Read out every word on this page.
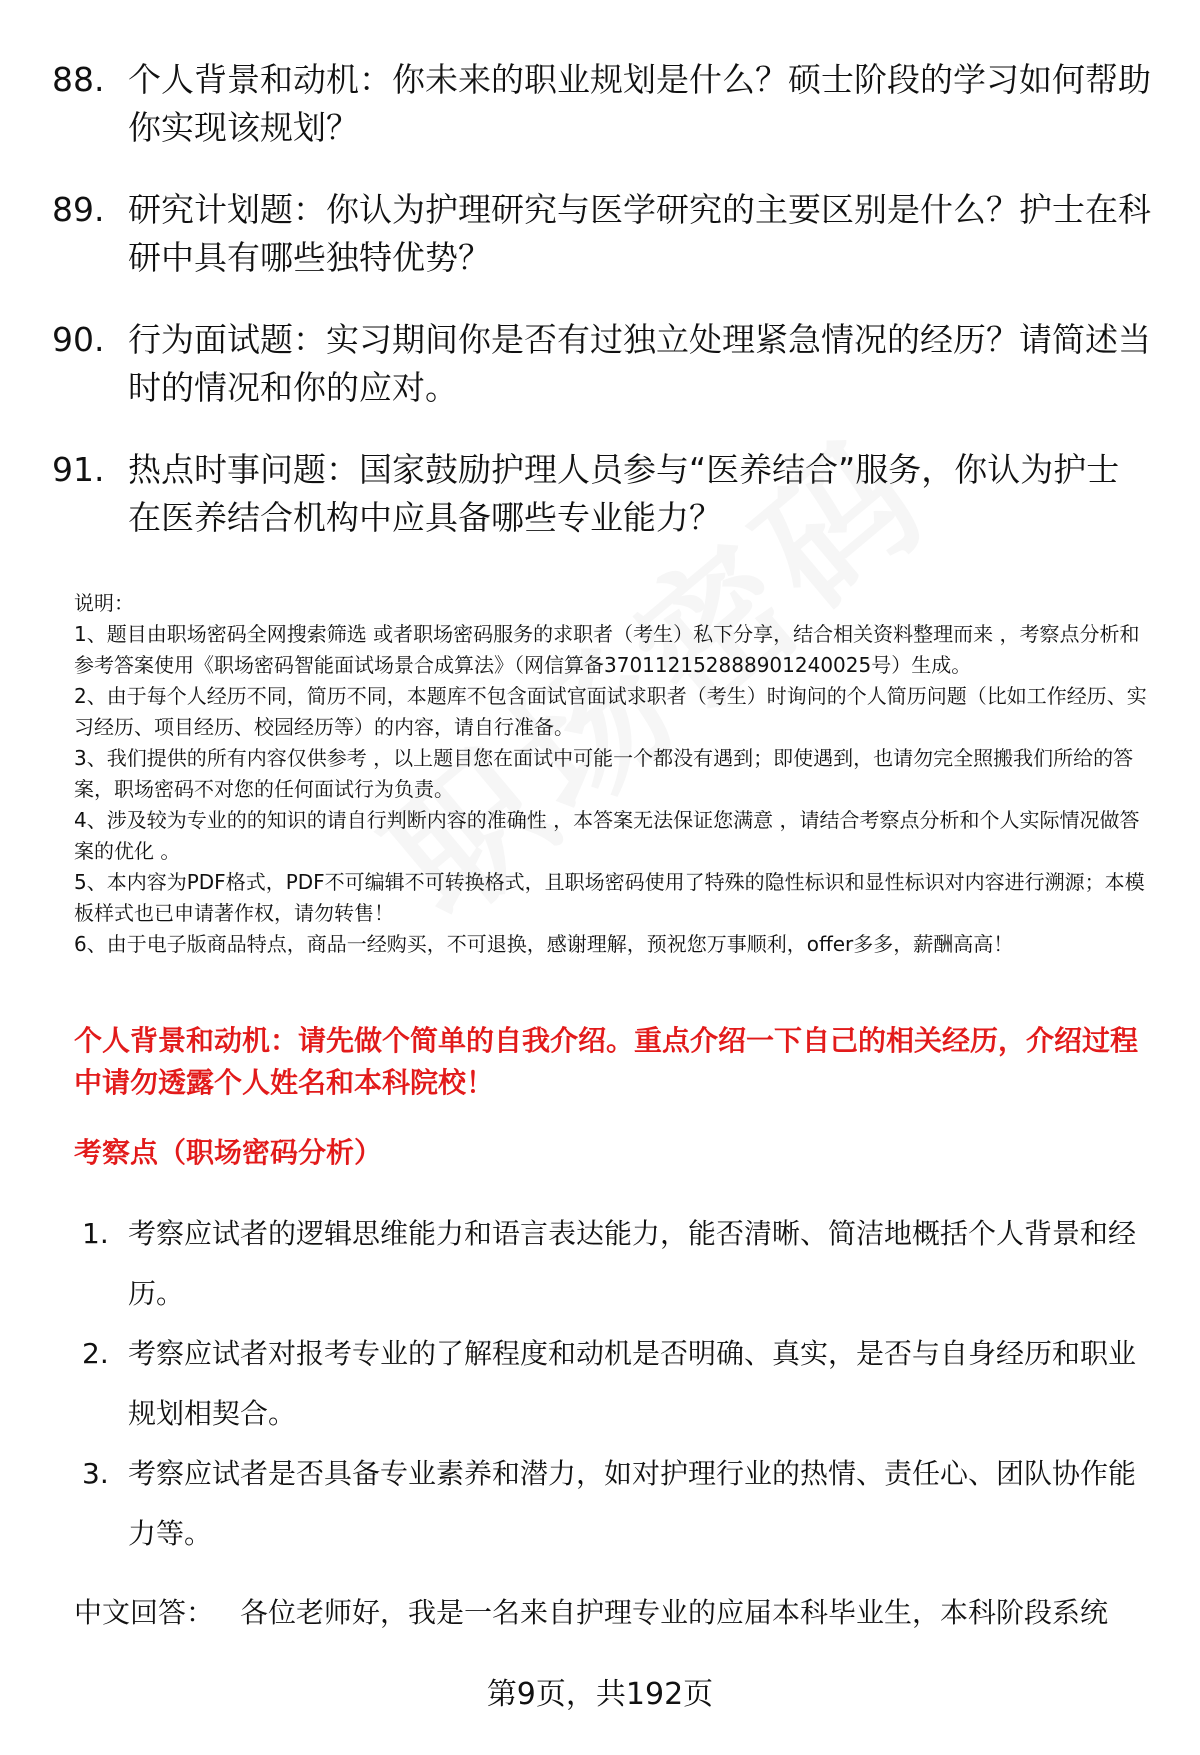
88. 个人背景和动机：你未来的职业规划是什么？硕士阶段的学习如何帮助你实现该规划？
89. 研究计划题：你认为护理研究与医学研究的主要区别是什么？护士在科研中具有哪些独特优势？
90. 行为面试题：实习期间你是否有过独立处理紧急情况的经历？请简述当时的情况和你的应对。
91. 热点时事问题：国家鼓励护理人员参与“医养结合”服务，你认为护士在医养结合机构中应具备哪些专业能力？

说明：

1、题目由职场密码全网搜索筛选 或者职场密码服务的求职者（考生）私下分享，结合相关资料整理而来 ，考察点分析和参考答案使用《职场密码智能面试场景合成算法》（网信算备370112152888901240025号）生成。

2、由于每个人经历不同，简历不同，本题库不包含面试官面试求职者（考生）时询问的个人简历问题（比如工作经历、实习经历、项目经历、校园经历等）的内容，请自行准备。

3、我们提供的所有内容仅供参考 ，以上题目您在面试中可能一个都没有遇到；即使遇到，也请勿完全照搬我们所给的答案，职场密码不对您的任何面试行为负责。

4、涉及较为专业的的知识的请自行判断内容的准确性 ，本答案无法保证您满意 ，请结合考察点分析和个人实际情况做答案的优化 。

5、本内容为PDF格式，PDF不可编辑不可转换格式，且职场密码使用了特殊的隐性标识和显性标识对内容进行溯源；本模板样式也已申请著作权，请勿转售！

6、由于电子版商品特点，商品一经购买，不可退换，感谢理解，预祝您万事顺利，offer多多，薪酬高高！

个人背景和动机：请先做个简单的自我介绍。重点介绍一下自己的相关经历，介绍过程中请勿透露个人姓名和本科院校！
考察点（职场密码分析）
1. 考察应试者的逻辑思维能力和语言表达能力，能否清晰、简洁地概括个人背景和经历。
2. 考察应试者对报考专业的了解程度和动机是否明确、真实，是否与自身经历和职业规划相契合。
3. 考察应试者是否具备专业素养和潜力，如对护理行业的热情、责任心、团队协作能力等。
中文回答： 各位老师好，我是一名来自护理专业的应届本科毕业生，本科阶段系统
第9页，共192页
